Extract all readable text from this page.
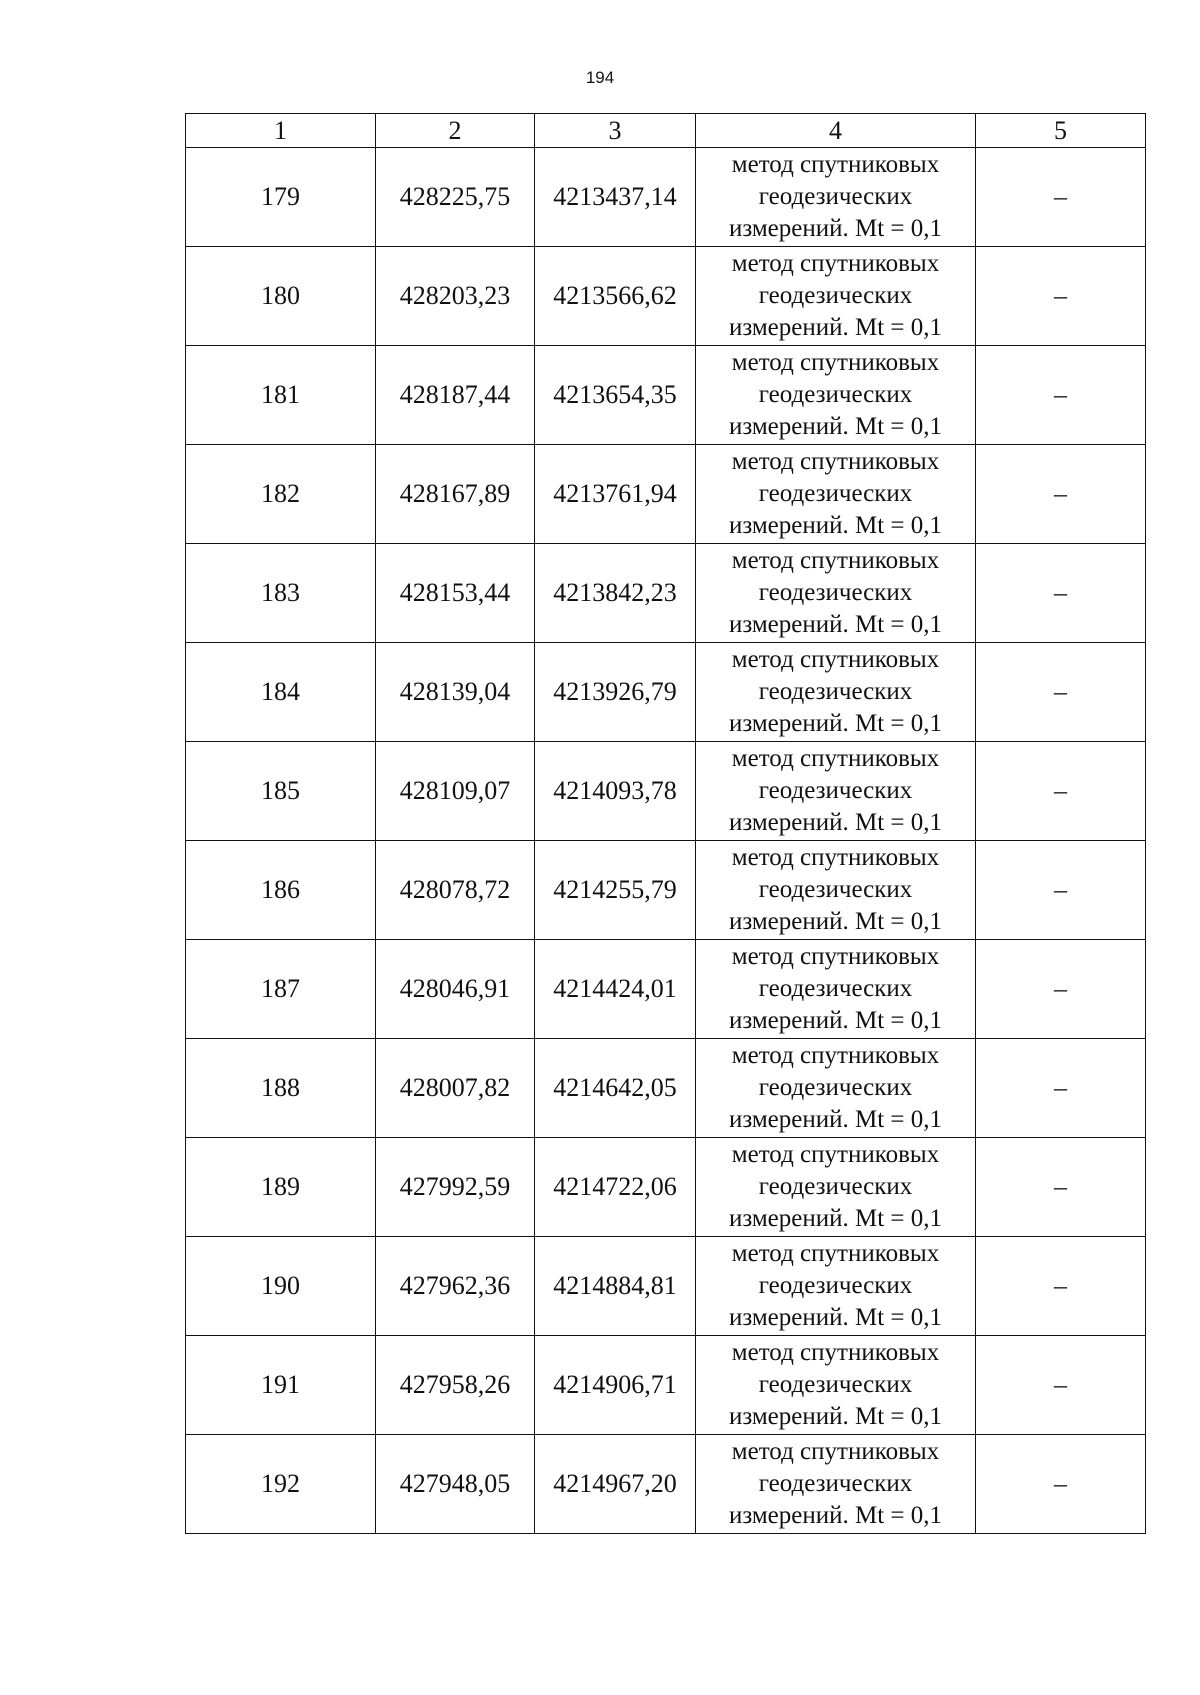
194
1	2	3	4	5
179	428225,75	4213437,14	метод спутниковых
геодезических
измерений. Mt = 0,1	–
180	428203,23	4213566,62	метод спутниковых
геодезических
измерений. Mt = 0,1	–
181	428187,44	4213654,35	метод спутниковых
геодезических
измерений. Mt = 0,1	–
182	428167,89	4213761,94	метод спутниковых
геодезических
измерений. Mt = 0,1	–
183	428153,44	4213842,23	метод спутниковых
геодезических
измерений. Mt = 0,1	–
184	428139,04	4213926,79	метод спутниковых
геодезических
измерений. Mt = 0,1	–
185	428109,07	4214093,78	метод спутниковых
геодезических
измерений. Mt = 0,1	–
186	428078,72	4214255,79	метод спутниковых
геодезических
измерений. Mt = 0,1	–
187	428046,91	4214424,01	метод спутниковых
геодезических
измерений. Mt = 0,1	–
188	428007,82	4214642,05	метод спутниковых
геодезических
измерений. Mt = 0,1	–
189	427992,59	4214722,06	метод спутниковых
геодезических
измерений. Mt = 0,1	–
190	427962,36	4214884,81	метод спутниковых
геодезических
измерений. Mt = 0,1	–
191	427958,26	4214906,71	метод спутниковых
геодезических
измерений. Mt = 0,1	–
192	427948,05	4214967,20	метод спутниковых
геодезических
измерений. Mt = 0,1	–
